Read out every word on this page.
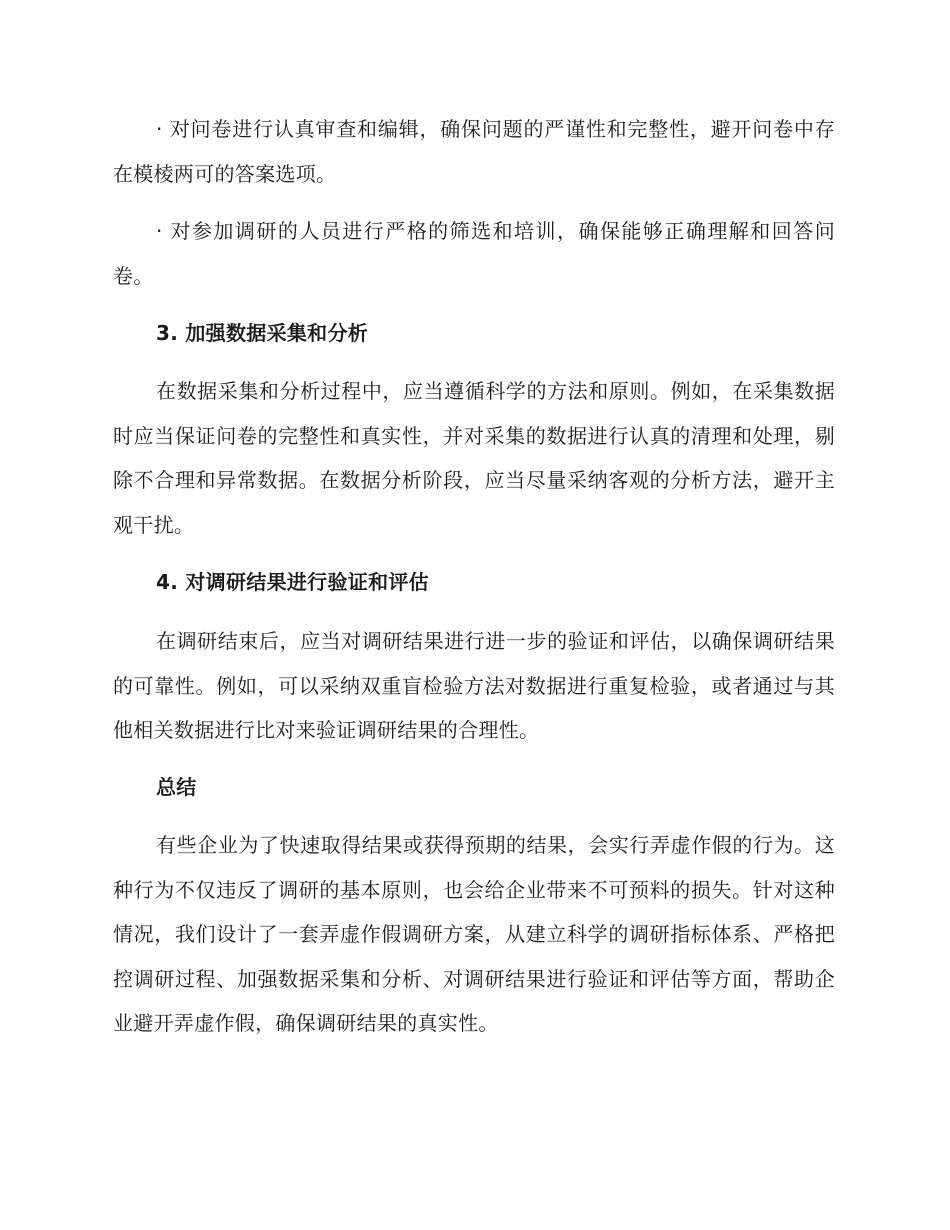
· 对问卷进行认真审查和编辑，确保问题的严谨性和完整性，避开问卷中存在模棱两可的答案选项。

· 对参加调研的人员进行严格的筛选和培训，确保能够正确理解和回答问卷。

3. 加强数据采集和分析

在数据采集和分析过程中，应当遵循科学的方法和原则。例如，在采集数据时应当保证问卷的完整性和真实性，并对采集的数据进行认真的清理和处理，剔除不合理和异常数据。在数据分析阶段，应当尽量采纳客观的分析方法，避开主观干扰。

4. 对调研结果进行验证和评估

在调研结束后，应当对调研结果进行进一步的验证和评估，以确保调研结果的可靠性。例如，可以采纳双重盲检验方法对数据进行重复检验，或者通过与其他相关数据进行比对来验证调研结果的合理性。

总结

有些企业为了快速取得结果或获得预期的结果，会实行弄虚作假的行为。这种行为不仅违反了调研的基本原则，也会给企业带来不可预料的损失。针对这种情况，我们设计了一套弄虚作假调研方案，从建立科学的调研指标体系、严格把控调研过程、加强数据采集和分析、对调研结果进行验证和评估等方面，帮助企业避开弄虚作假，确保调研结果的真实性。
